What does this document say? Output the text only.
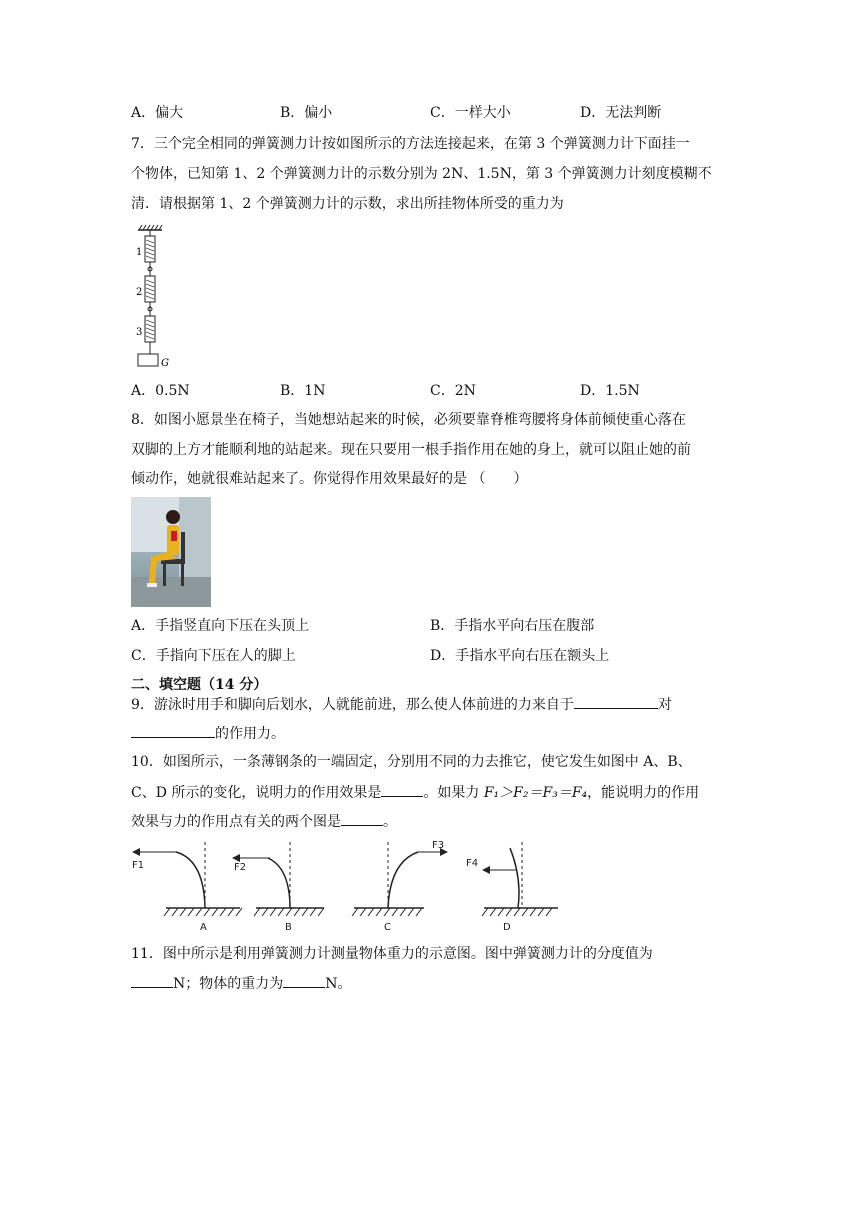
A．偏大	B．偏小	C．一样大小	D．无法判断
7．三个完全相同的弹簧测力计按如图所示的方法连接起来，在第 3 个弹簧测力计下面挂一
个物体，已知第 1、2 个弹簧测力计的示数分别为 2N、1.5N，第 3 个弹簧测力计刻度模糊不
清．请根据第 1、2 个弹簧测力计的示数，求出所挂物体所受的重力为
1
2
3
G
A．0.5N	B．1N	C．2N	D．1.5N
8．如图小愿景坐在椅子，当她想站起来的时候，必须要靠脊椎弯腰将身体前倾使重心落在
双脚的上方才能顺利地的站起来。现在只要用一根手指作用在她的身上，就可以阻止她的前
倾动作，她就很难站起来了。你觉得作用效果最好的是 （　　）
A．手指竖直向下压在头顶上	B．手指水平向右压在腹部
C．手指向下压在人的脚上	D．手指水平向右压在额头上
二、填空题（14 分）
9．游泳时用手和脚向后划水，人就能前进，那么使人体前进的力来自于	对
的作用力。
10．如图所示，一条薄钢条的一端固定，分别用不同的力去推它，使它发生如图中 A、B、
C、D 所示的变化，说明力的作用效果是	。如果力 F₁＞F₂＝F₃＝F₄，能说明力的作用
效果与力的作用点有关的两个图是	。
F1
A
F2
B
F3
C
F4
D
11．图中所示是利用弹簧测力计测量物体重力的示意图。图中弹簧测力计的分度值为
N；物体的重力为	N。
